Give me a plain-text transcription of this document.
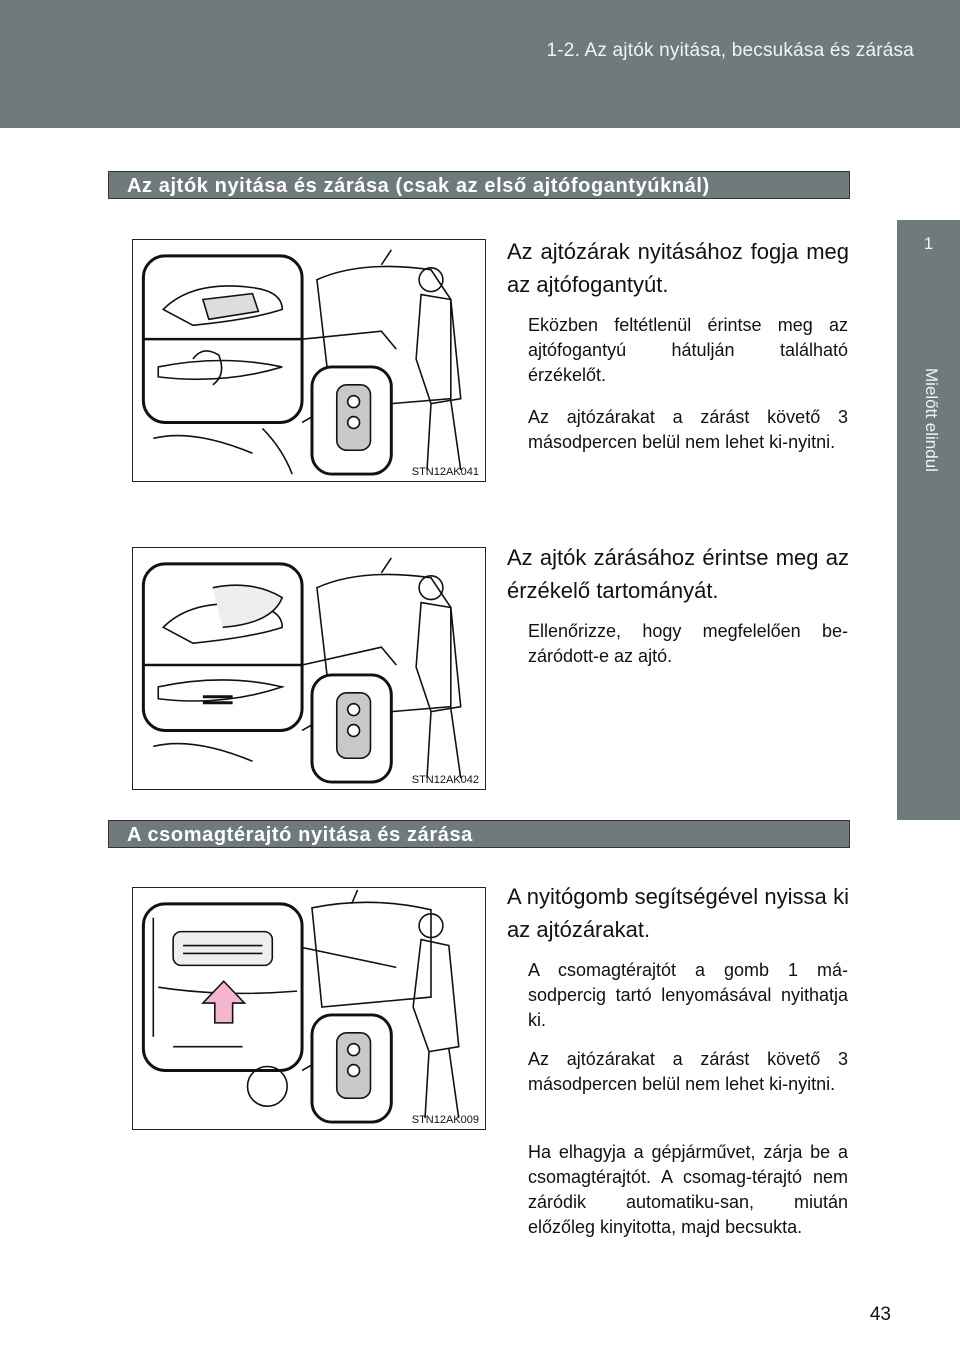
1-2. Az ajtók nyitása, becsukása és zárása
1
Mielőtt elindul
Az ajtók nyitása és zárása (csak az első ajtófogantyúknál)
STN12AK041
Az ajtózárak nyitásához fogja meg az ajtófogantyút.
Eközben feltétlenül érintse meg az ajtófogantyú hátulján található érzékelőt.
Az ajtózárakat a zárást követő 3 másodpercen belül nem lehet ki-nyitni.
STN12AK042
Az ajtók zárásához érintse meg az érzékelő tartományát.
Ellenőrizze, hogy megfelelően be-záródott-e az ajtó.
A csomagtérajtó nyitása és zárása
STN12AK009
A nyitógomb segítségével nyissa ki az ajtózárakat.
A csomagtérajtót a gomb 1 má-sodpercig tartó lenyomásával nyithatja ki.
Az ajtózárakat a zárást követő 3 másodpercen belül nem lehet ki-nyitni.
Ha elhagyja a gépjárművet, zárja be a csomagtérajtót. A csomag-térajtó nem záródik automatiku-san, miután előzőleg kinyitotta, majd becsukta.
43
